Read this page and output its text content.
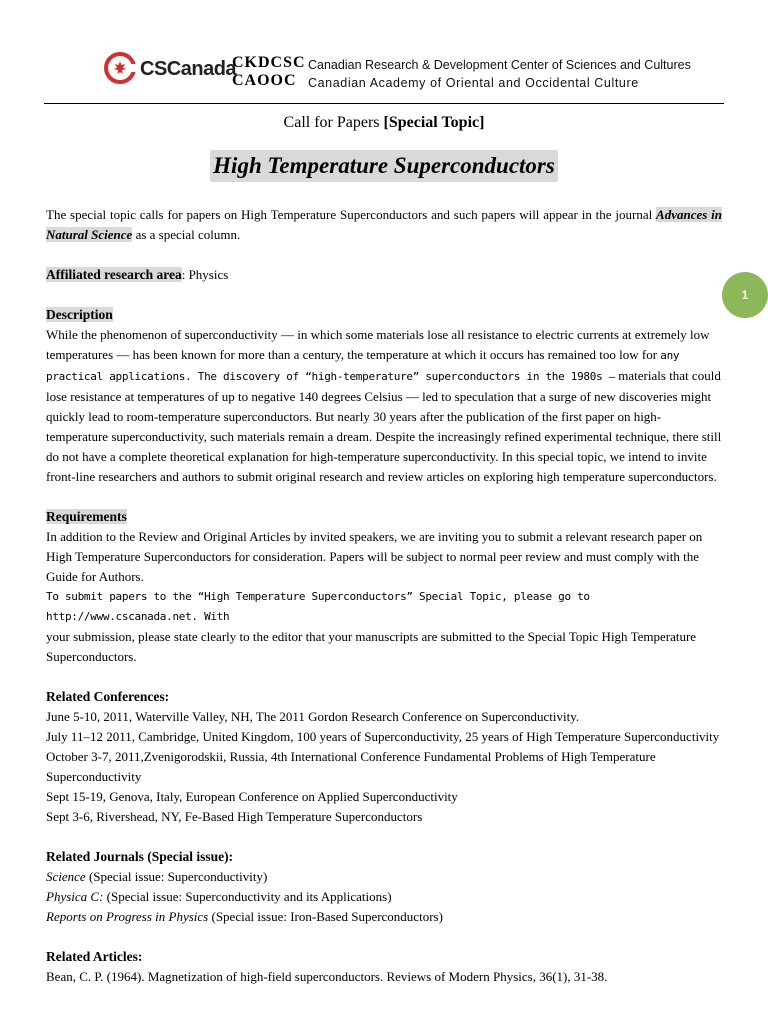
CSCanada
CKDCSC
CAOOC
Canadian Research & Development Center of Sciences and Cultures
Canadian Academy of Oriental and Occidental Culture
Call for Papers [Special Topic]
High Temperature Superconductors

The special topic calls for papers on High Temperature Superconductors and such papers will appear in the journal Advances in Natural Science as a special column.

Affiliated research area: Physics

Description

While the phenomenon of superconductivity — in which some materials lose all resistance to electric currents at extremely low temperatures — has been known for more than a century, the temperature at which it occurs has remained too low for any practical applications. The discovery of “high-temperature” superconductors in the 1980s — materials that could lose resistance at temperatures of up to negative 140 degrees Celsius — led to speculation that a surge of new discoveries might quickly lead to room-temperature superconductors. But nearly 30 years after the publication of the first paper on high-temperature superconductivity, such materials remain a dream. Despite the increasingly refined experimental technique, there still do not have a complete theoretical explanation for high-temperature superconductivity. In this special topic, we intend to invite front-line researchers and authors to submit original research and review articles on exploring high temperature superconductors.

Requirements

In addition to the Review and Original Articles by invited speakers, we are inviting you to submit a relevant research paper on High Temperature Superconductors for consideration. Papers will be subject to normal peer review and must comply with the Guide for Authors.

To submit papers to the “High Temperature Superconductors” Special Topic, please go to http://www.cscanada.net. With

your submission, please state clearly to the editor that your manuscripts are submitted to the Special Topic High Temperature Superconductors.

Related Conferences:

June 5-10, 2011, Waterville Valley, NH, The 2011 Gordon Research Conference on Superconductivity.

July 11–12 2011, Cambridge, United Kingdom, 100 years of Superconductivity, 25 years of High Temperature Superconductivity

October 3-7, 2011,Zvenigorodskii, Russia, 4th International Conference Fundamental Problems of High Temperature Superconductivity

Sept 15-19, Genova, Italy, European Conference on Applied Superconductivity

Sept 3-6, Rivershead, NY, Fe-Based High Temperature Superconductors

Related Journals (Special issue):

Science (Special issue: Superconductivity)

Physica C: (Special issue: Superconductivity and its Applications)

Reports on Progress in Physics (Special issue: Iron-Based Superconductors)

Related Articles:

Bean, C. P. (1964). Magnetization of high-field superconductors. Reviews of Modern Physics, 36(1), 31-38.

1
